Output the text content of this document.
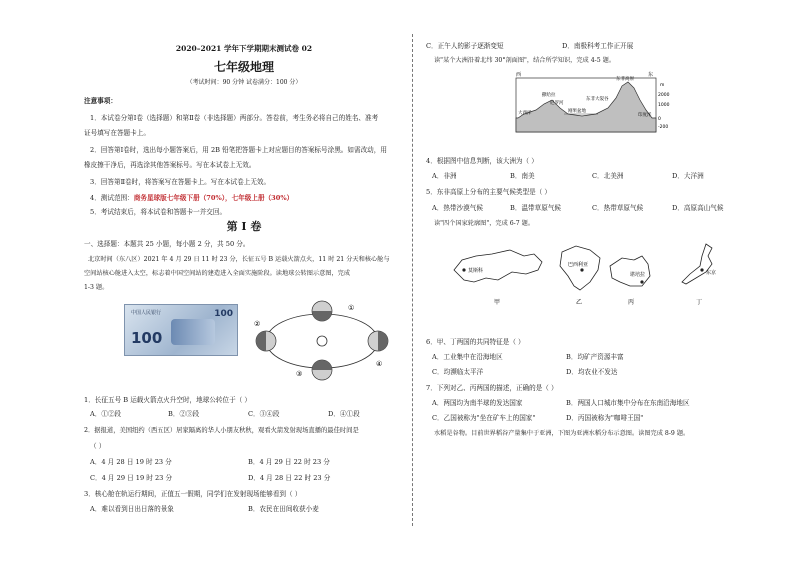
2020–2021 学年下学期期末测试卷 02
七年级地理
（考试时间：90 分钟 试卷满分：100 分）
注意事项：
1．本试卷分第Ⅰ卷（选择题）和第Ⅱ卷（非选择题）两部分。答卷前，考生务必将自己的姓名、准考
证号填写在答题卡上。
2．回答第Ⅰ卷时，选出每小题答案后，用 2B 铅笔把答题卡上对应题目的答案标号涂黑。如需改动，用
橡皮擦干净后，再选涂其他答案标号。写在本试卷上无效。
3．回答第Ⅱ卷时，将答案写在答题卡上。写在本试卷上无效。
4．测试范围：商务星球版七年级下册（70%），七年级上册（30%）
5．考试结束后，将本试卷和答题卡一并交回。
第 Ⅰ 卷
一、选择题：本题共 25 小题，每小题 2 分，共 50 分。
北京时间（东八区）2021 年 4 月 29 日 11 时 23 分，长征五号 B 运载火箭点火，11 时 21 分天和核心舱与
空间站核心舱进入太空，标志着中国空间站的建造进入全面实施阶段。读地球公转图示意图，完成
1-3 题。
中国人民银行
100
100
②
①
④
③
1．长征五号 B 运载火箭点火升空时，地球公转位于（ ）
A．①②段	B．②③段	C．③④段	D．④①段
2．据报道，美国纽约（西五区）居家隔离的华人小朋友秋秋，观看火箭发射现场直播的最佳时间是
（ ）
A．4 月 28 日 19 时 23 分	B．4 月 29 日 22 时 23 分
C．4 月 29 日 19 时 23 分	D．4 月 28 日 22 时 23 分
3．核心舱在轨运行期间，正值五一假期，同学们在发射现场能够看到（ ）
A．难以看到日出日落的景象	B．农民在田间收获小麦
C．正午人的影子逐渐变短	D．南极科考工作正开展
读"某个大洲沿着北纬 30°剖面图"，结合所学知识，完成 4-5 题。
西	东
大西洋	印度洋
撒哈拉
尼罗河
刚果盆地
东非大裂谷
东非高原
m
2000
1000
0
-200
4．根据图中信息判断，该大洲为（ ）
A．非洲	B．南美	C．北美洲	D．大洋洲
5．东非高原上分布的主要气候类型是（ ）
A．热带沙漠气候	B．温带草原气候	C．热带草原气候	D．高原高山气候
读"四个国家轮廓图"，完成 6-7 题。
莫斯科
甲
巴西利亚
乙
堪培拉
丙
东京
丁
6．甲、丁两国的共同特征是（ ）
A．工业集中在沿海地区	B．均矿产资源丰富
C．均濒临太平洋	D．均农业不发达
7．下列对乙、丙两国的描述，正确的是（ ）
A．两国均为南半球的发达国家	B．两国人口城市集中分布在东南沿海地区
C．乙国被称为"坐在矿车上的国家"	D．丙国被称为"咖啡王国"
水稻是谷物。目前世界稻谷产量集中于亚洲，下图为亚洲水稻分布示意图。读图完成 8-9 题。
